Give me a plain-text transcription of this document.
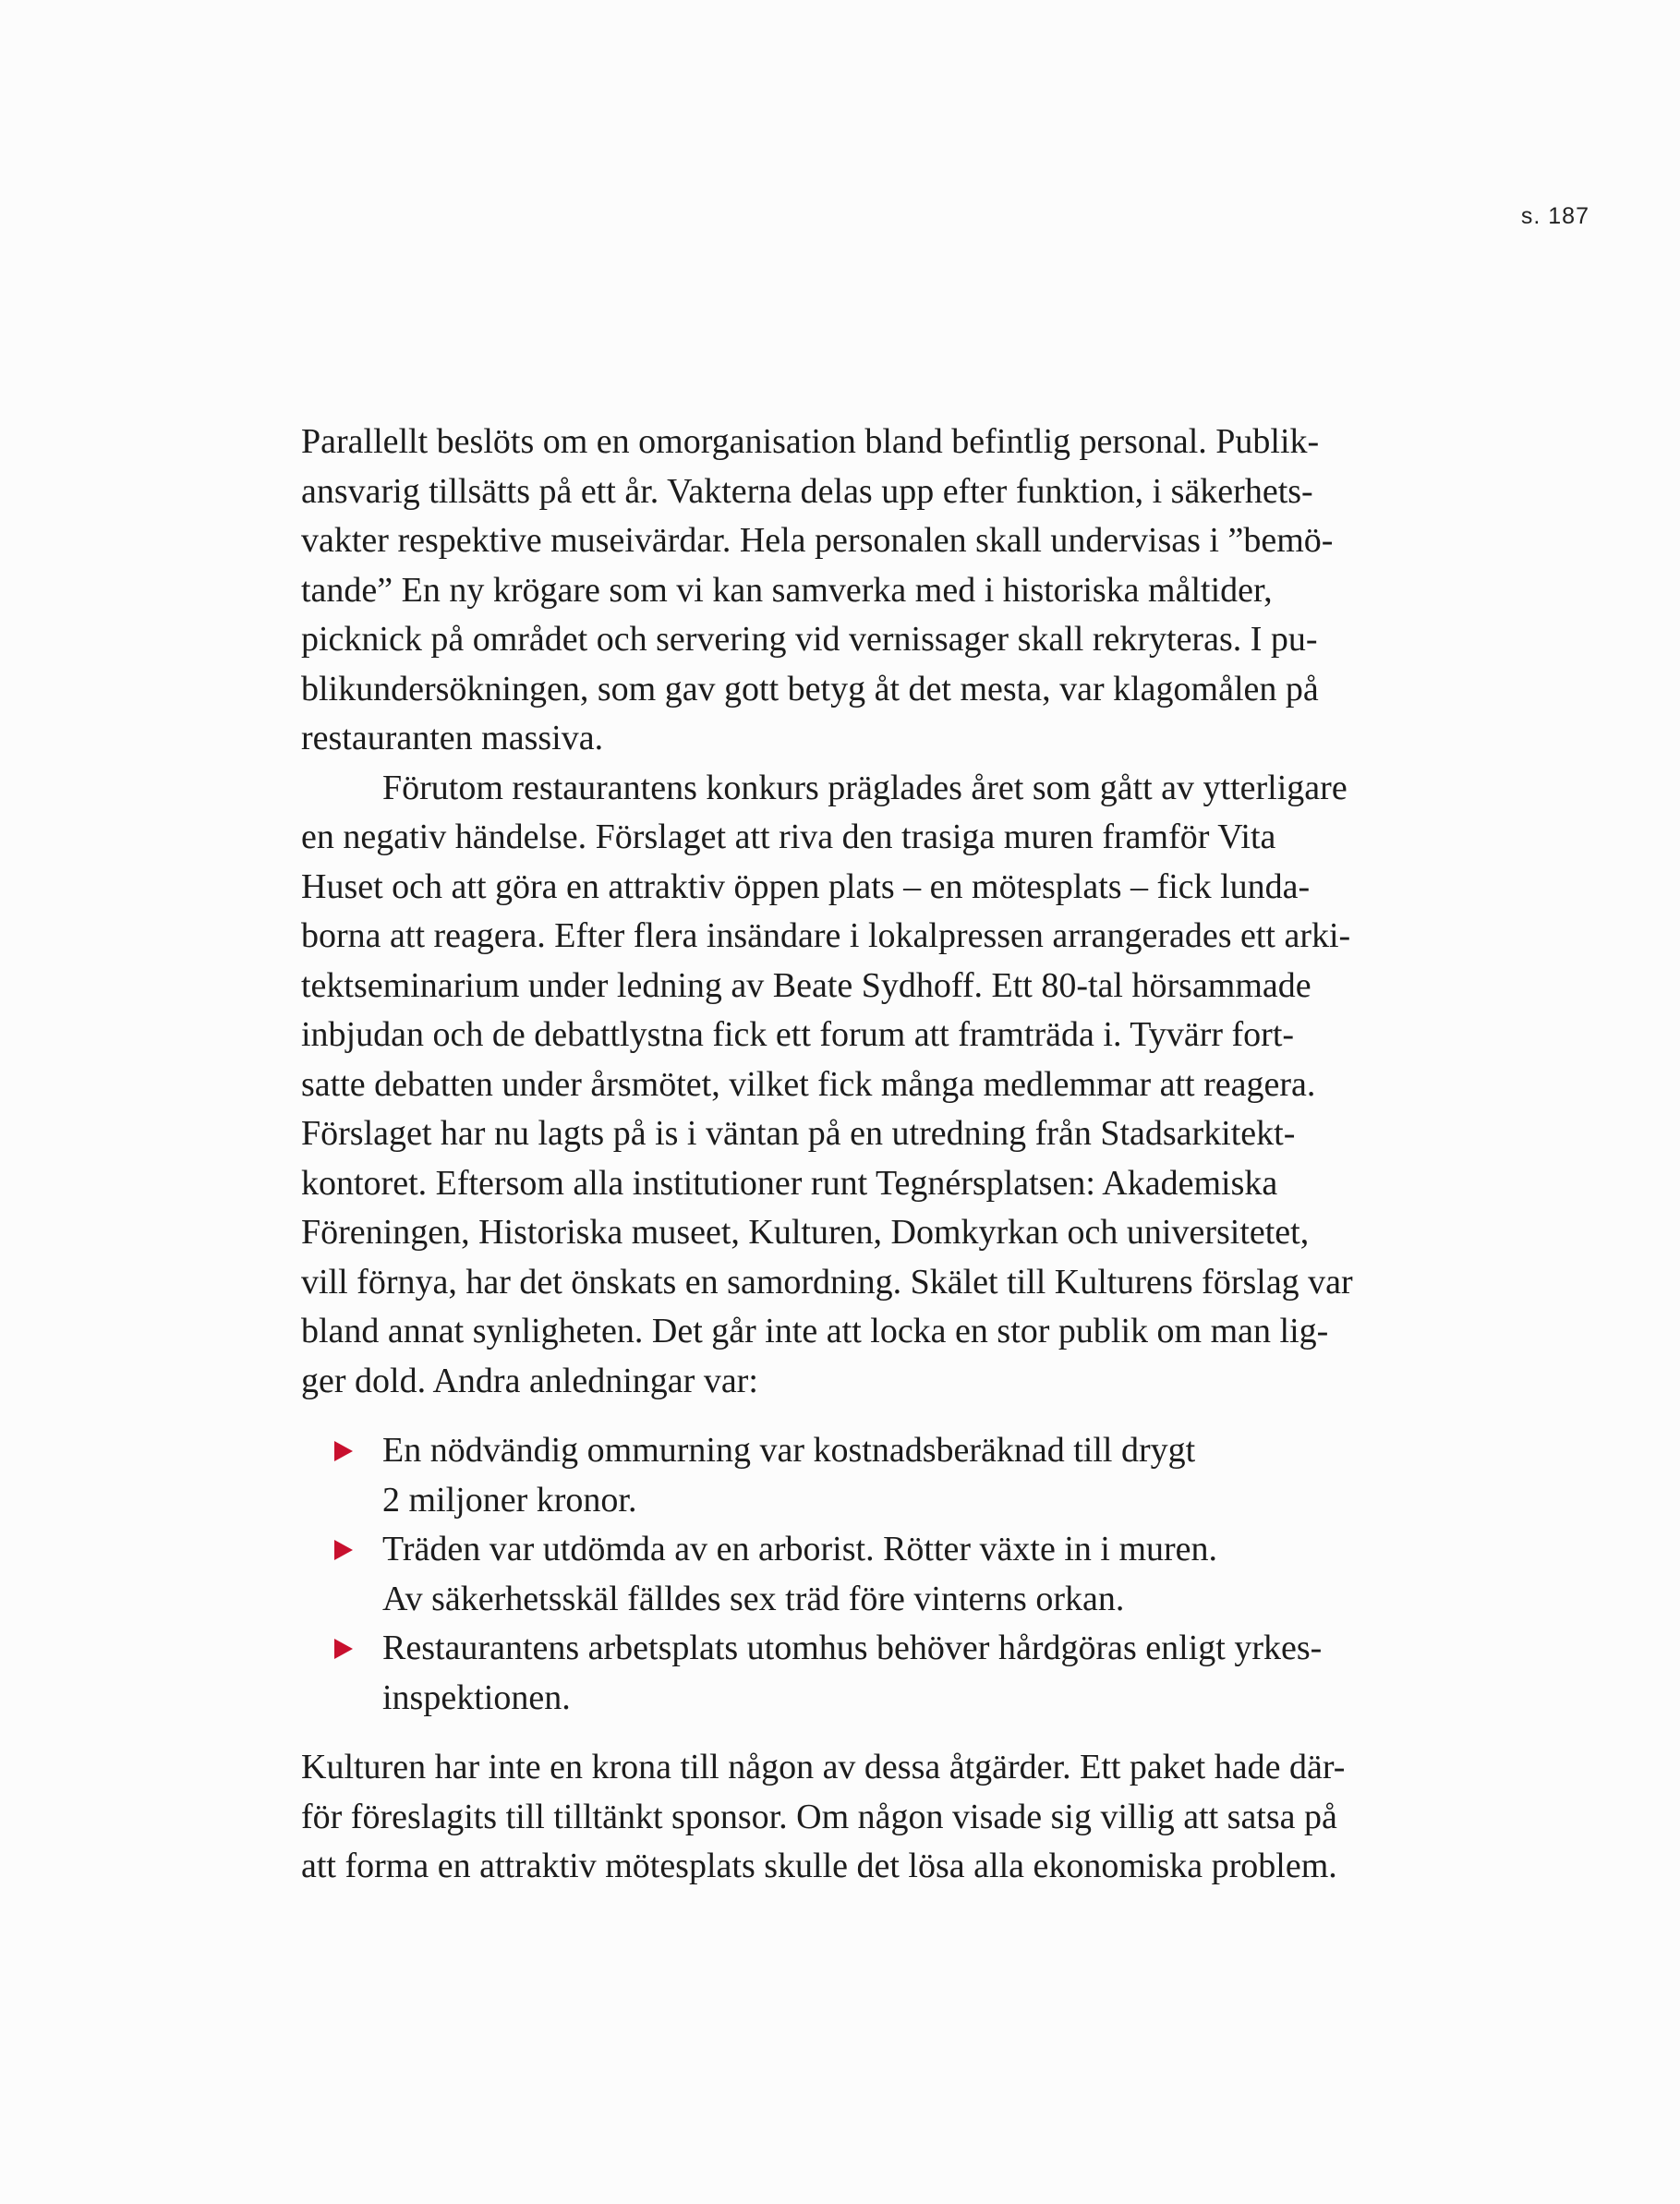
s. 187
Parallellt beslöts om en omorganisation bland befintlig personal. Publik-
ansvarig tillsätts på ett år. Vakterna delas upp efter funktion, i säkerhets-
vakter respektive museivärdar. Hela personalen skall undervisas i ”bemö-
tande” En ny krögare som vi kan samverka med i historiska måltider,
picknick på området och servering vid vernissager skall rekryteras. I pu-
blikundersökningen, som gav gott betyg åt det mesta, var klagomålen på
restauranten massiva.
Förutom restaurantens konkurs präglades året som gått av ytterligare
en negativ händelse. Förslaget att riva den trasiga muren framför Vita
Huset och att göra en attraktiv öppen plats – en mötesplats – fick lunda-
borna att reagera. Efter flera insändare i lokalpressen arrangerades ett arki-
tektseminarium under ledning av Beate Sydhoff. Ett 80-tal hörsammade
inbjudan och de debattlystna fick ett forum att framträda i. Tyvärr fort-
satte debatten under årsmötet, vilket fick många medlemmar att reagera.
Förslaget har nu lagts på is i väntan på en utredning från Stadsarkitekt-
kontoret. Eftersom alla institutioner runt Tegnérsplatsen: Akademiska
Föreningen, Historiska museet, Kulturen, Domkyrkan och universitetet,
vill förnya, har det önskats en samordning. Skälet till Kulturens förslag var
bland annat synligheten. Det går inte att locka en stor publik om man lig-
ger dold. Andra anledningar var:
En nödvändig ommurning var kostnadsberäknad till drygt
2 miljoner kronor.
Träden var utdömda av en arborist. Rötter växte in i muren.
Av säkerhetsskäl fälldes sex träd före vinterns orkan.
Restaurantens arbetsplats utomhus behöver hårdgöras enligt yrkes-
inspektionen.
Kulturen har inte en krona till någon av dessa åtgärder. Ett paket hade där-
för föreslagits till tilltänkt sponsor. Om någon visade sig villig att satsa på
att forma en attraktiv mötesplats skulle det lösa alla ekonomiska problem.
